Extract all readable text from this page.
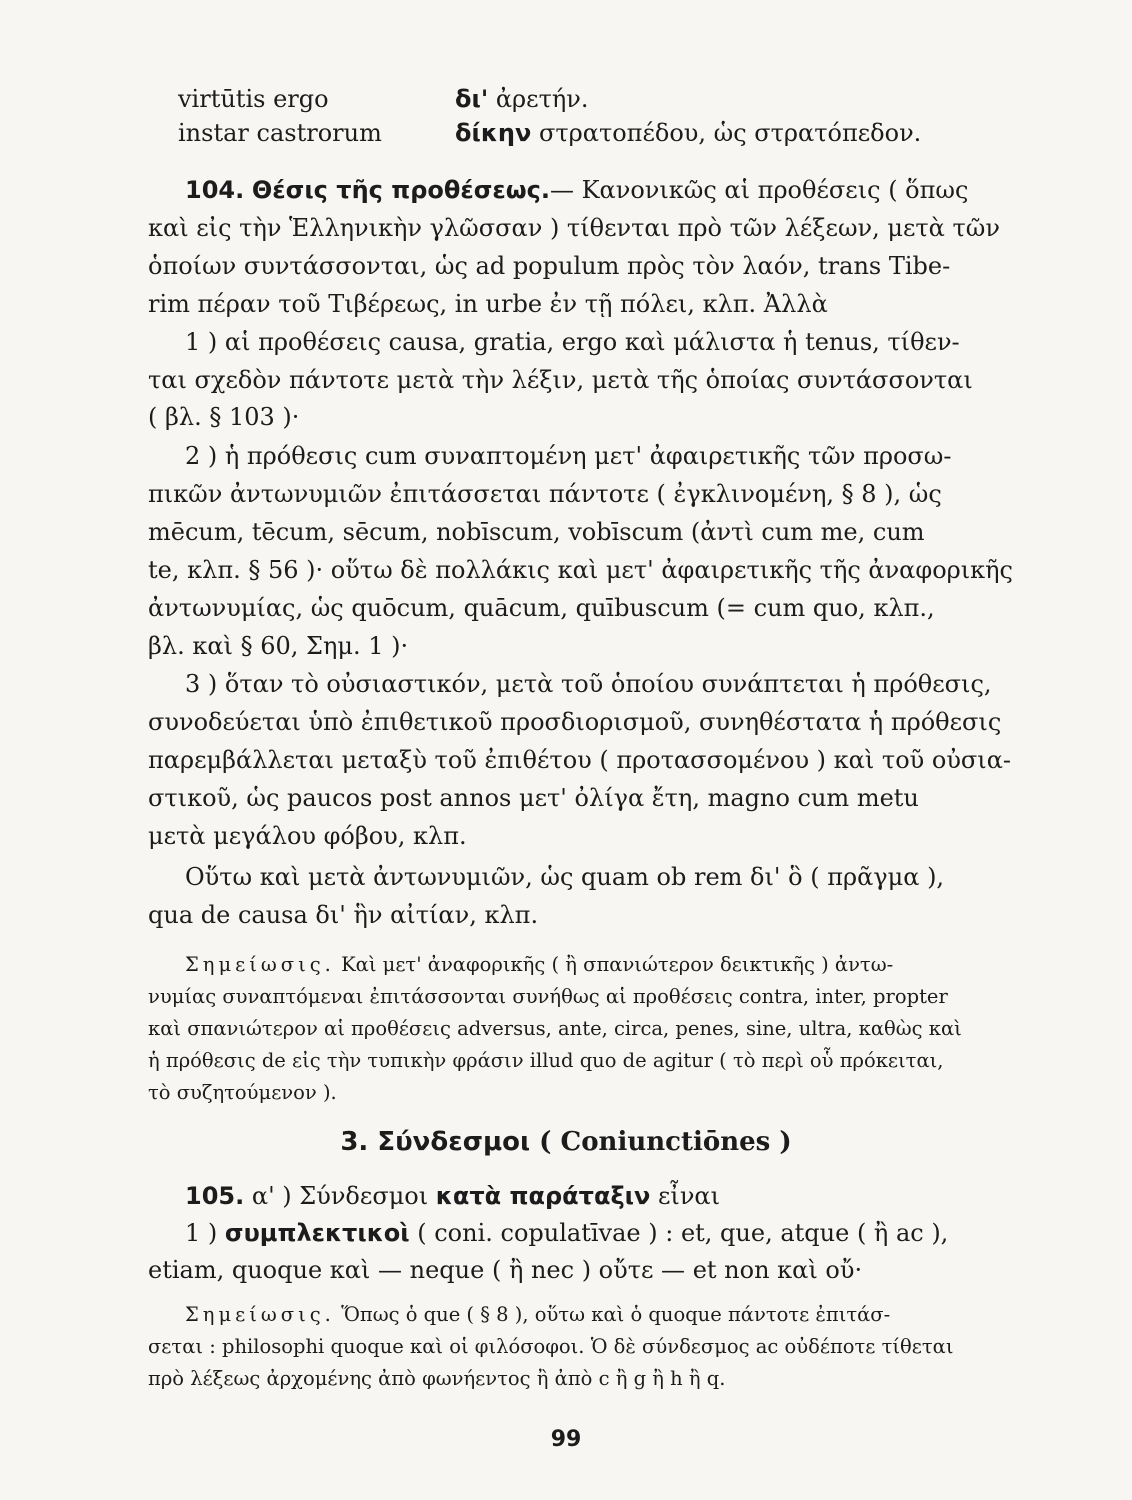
virtūtis ergo	δι' ἀρετήν.
instar castrorum	δίκην στρατοπέδου, ὡς στρατόπεδον.
104. Θέσις τῆς προθέσεως.— Κανονικῶς αἱ προθέσεις ( ὅπως
καὶ εἰς τὴν Ἑλληνικὴν γλῶσσαν ) τίθενται πρὸ τῶν λέξεων, μετὰ τῶν
ὁποίων συντάσσονται, ὡς ad populum πρὸς τὸν λαόν, trans Tibe-
rim πέραν τοῦ Τιβέρεως, in urbe ἐν τῇ πόλει, κλπ. Ἀλλὰ
1 ) αἱ προθέσεις causa, gratia, ergo καὶ μάλιστα ἡ tenus, τίθεν-
ται σχεδὸν πάντοτε μετὰ τὴν λέξιν, μετὰ τῆς ὁποίας συντάσσονται
( βλ. § 103 )·
2 ) ἡ πρόθεσις cum συναπτομένη μετ' ἀφαιρετικῆς τῶν προσω-
πικῶν ἀντωνυμιῶν ἐπιτάσσεται πάντοτε ( ἐγκλινομένη, § 8 ), ὡς
mēcum, tēcum, sēcum, nobīscum, vobīscum (ἀντὶ cum me, cum
te, κλπ. § 56 )· οὕτω δὲ πολλάκις καὶ μετ' ἀφαιρετικῆς τῆς ἀναφορικῆς
ἀντωνυμίας, ὡς quōcum, quācum, quībuscum (= cum quo, κλπ.,
βλ. καὶ § 60, Σημ. 1 )·
3 ) ὅταν τὸ οὐσιαστικόν, μετὰ τοῦ ὁποίου συνάπτεται ἡ πρόθεσις,
συνοδεύεται ὑπὸ ἐπιθετικοῦ προσδιορισμοῦ, συνηθέστατα ἡ πρόθεσις
παρεμβάλλεται μεταξὺ τοῦ ἐπιθέτου ( προτασσομένου ) καὶ τοῦ οὐσια-
στικοῦ, ὡς paucos post annos μετ' ὀλίγα ἔτη, magno cum metu
μετὰ μεγάλου φόβου, κλπ.
Οὕτω καὶ μετὰ ἀντωνυμιῶν, ὡς quam ob rem δι' ὃ ( πρᾶγμα ),
qua de causa δι' ἣν αἰτίαν, κλπ.
Σημείωσις. Καὶ μετ' ἀναφορικῆς ( ἢ σπανιώτερον δεικτικῆς ) ἀντω-
νυμίας συναπτόμεναι ἐπιτάσσονται συνήθως αἱ προθέσεις contra, inter, propter
καὶ σπανιώτερον αἱ προθέσεις adversus, ante, circa, penes, sine, ultra, καθὼς καὶ
ἡ πρόθεσις de εἰς τὴν τυπικὴν φράσιν illud quo de agitur ( τὸ περὶ οὗ πρόκειται,
τὸ συζητούμενον ).
3. Σύνδεσμοι ( Coniunctiōnes )
105. α' ) Σύνδεσμοι κατὰ παράταξιν εἶναι
1 ) συμπλεκτικοὶ ( coni. copulatīvae ) : et, que, atque ( ἢ ac ),
etiam, quoque καὶ — neque ( ἢ nec ) οὔτε — et non καὶ οὔ·
Σημείωσις. Ὅπως ὁ que ( § 8 ), οὕτω καὶ ὁ quoque πάντοτε ἐπιτάσ-
σεται : philosophi quoque καὶ οἱ φιλόσοφοι. Ὁ δὲ σύνδεσμος ac οὐδέποτε τίθεται
πρὸ λέξεως ἀρχομένης ἀπὸ φωνήεντος ἢ ἀπὸ c ἢ g ἢ h ἢ q.
99
